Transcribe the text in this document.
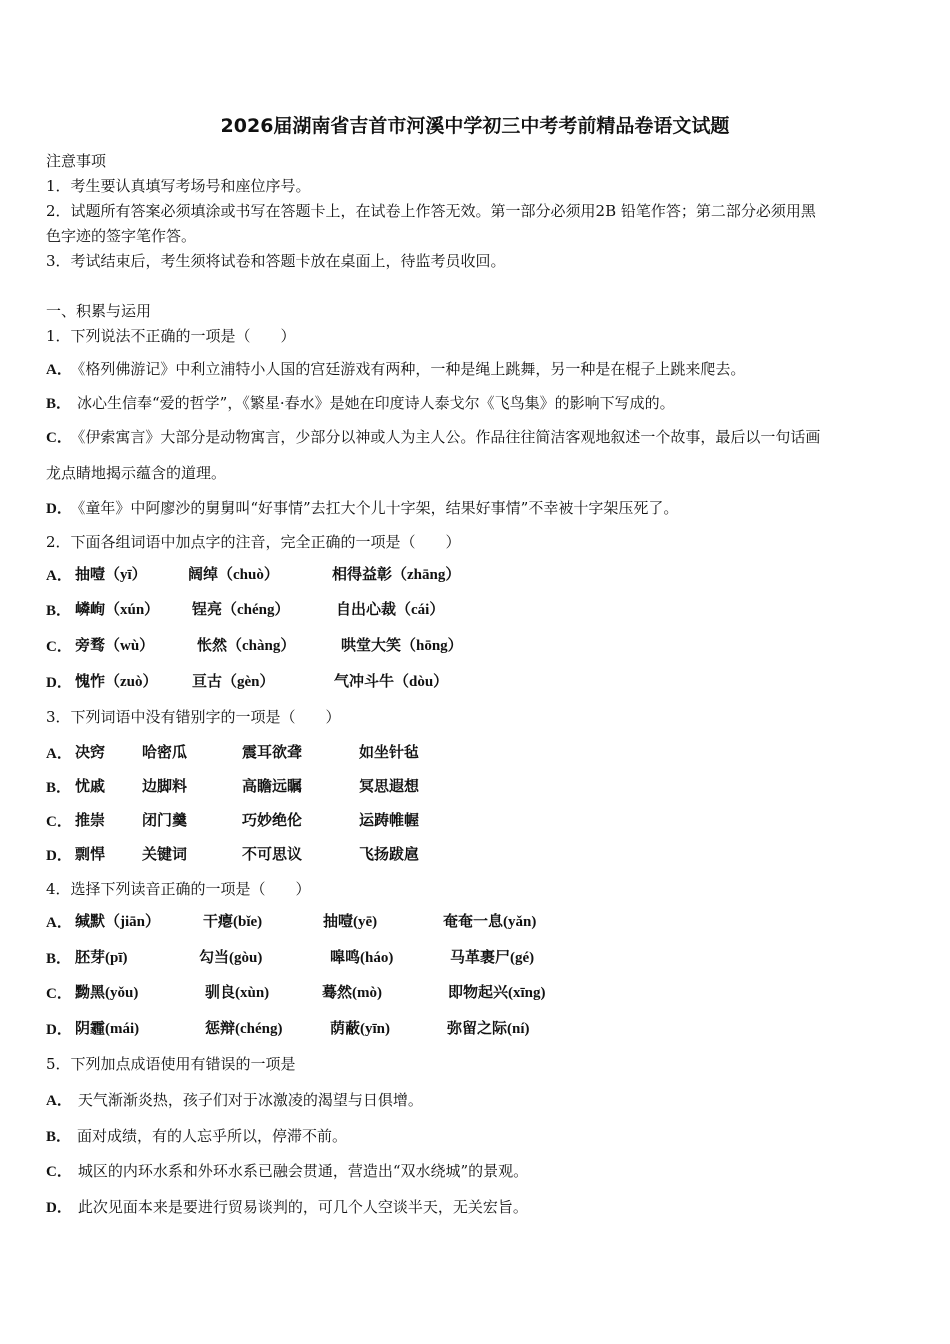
2026届湖南省吉首市河溪中学初三中考考前精品卷语文试题
注意事项
1．考生要认真填写考场号和座位序号。
2．试题所有答案必须填涂或书写在答题卡上，在试卷上作答无效。第一部分必须用2B 铅笔作答；第二部分必须用黑
色字迹的签字笔作答。
3．考试结束后，考生须将试卷和答题卡放在桌面上，待监考员收回。
一、积累与运用
1．下列说法不正确的一项是（　　）
A． 《格列佛游记》中利立浦特小人国的宫廷游戏有两种，一种是绳上跳舞，另一种是在棍子上跳来爬去。
B． 冰心生信奉“爱的哲学”，《繁星·春水》是她在印度诗人泰戈尔《飞鸟集》的影响下写成的。
C． 《伊索寓言》大部分是动物寓言，少部分以神或人为主人公。作品往往简洁客观地叙述一个故事，最后以一句话画
龙点睛地揭示蕴含的道理。
D． 《童年》中阿廖沙的舅舅叫“好事情”去扛大个儿十字架，结果好事情”不幸被十字架压死了。
2．下面各组词语中加点字的注音，完全正确的一项是（　　）
A． 抽噎（yī）	阔绰（chuò）	相得益彰（zhāng）
B． 嶙峋（xún） 锃亮（chéng）	自出心裁（cái）
C． 旁骛（wù）	怅然（chàng）	哄堂大笑（hōng）
D． 愧怍（zuò） 亘古（gèn）	气冲斗牛（dòu）
3．下列词语中没有错别字的一项是（　　）
A． 决窍 哈密瓜	震耳欲聋	如坐针毡
B． 忧戚 边脚料	高瞻远瞩	冥思遐想
C． 推崇 闭门羹	巧妙绝伦	运踌帷幄
D． 剽悍 关键词	不可思议	飞扬跋扈
4．选择下列读音正确的一项是（　　）
A． 缄默（jiān）	干瘪(bǐe)	抽噎(yē)	奄奄一息(yǎn)
B． 胚芽(pī)	勾当(gòu)	嗥鸣(háo)	马革裹尸(gé)
C． 黝黑(yǒu)	驯良(xùn)	蓦然(mò)	即物起兴(xīng)
D． 阴霾(mái)	惩辩(chéng)	荫蔽(yīn)	弥留之际(ní)
5．下列加点成语使用有错误的一项是
A． 天气渐渐炎热，孩子们对于冰激凌的渴望与日俱增。
B． 面对成绩，有的人忘乎所以，停滞不前。
C． 城区的内环水系和外环水系已融会贯通，营造出“双水绕城”的景观。
D． 此次见面本来是要进行贸易谈判的，可几个人空谈半天，无关宏旨。
